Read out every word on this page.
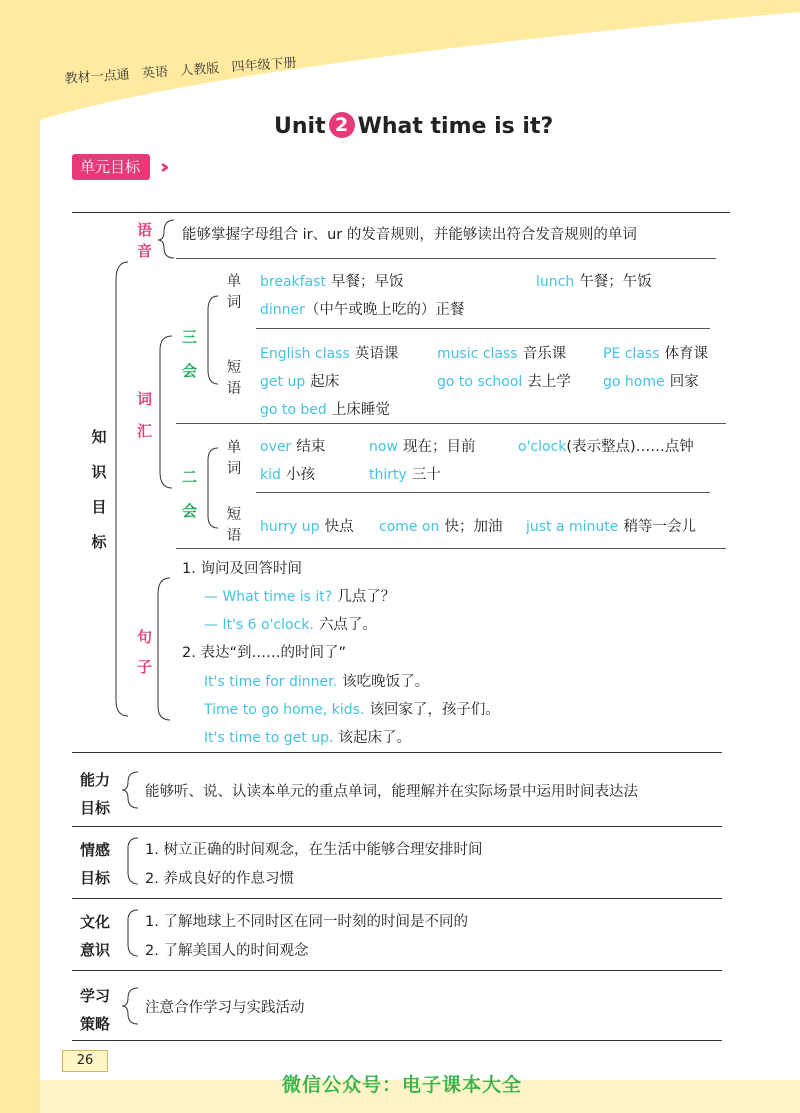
教材一点通 英语 人教版 四年级下册
Unit 2 What time is it?
单元目标	›››
知识目标
语音
能够掌握字母组合 ir、ur 的发音规则，并能够读出符合发音规则的单词
词汇
三会
二会
单词
短语
单词
短语
breakfast 早餐；早饭	lunch 午餐；午饭
dinner（中午或晚上吃的）正餐
English class 英语课	music class 音乐课	PE class 体育课
get up 起床	go to school 去上学 go home 回家
go to bed 上床睡觉
over 结束	now 现在；目前	o'clock(表示整点)……点钟
kid 小孩	thirty 三十
hurry up 快点 come on 快；加油 just a minute 稍等一会儿
句子
1. 询问及回答时间
— What time is it? 几点了？
— It's 6 o'clock. 六点了。
2. 表达“到……的时间了”
It's time for dinner. 该吃晚饭了。
Time to go home, kids. 该回家了，孩子们。
It's time to get up. 该起床了。
能力
目标
能够听、说、认读本单元的重点单词，能理解并在实际场景中运用时间表达法
情感
目标
1. 树立正确的时间观念，在生活中能够合理安排时间
2. 养成良好的作息习惯
文化
意识
1. 了解地球上不同时区在同一时刻的时间是不同的
2. 了解美国人的时间观念
学习
策略
注意合作学习与实践活动
26
微信公众号：电子课本大全
